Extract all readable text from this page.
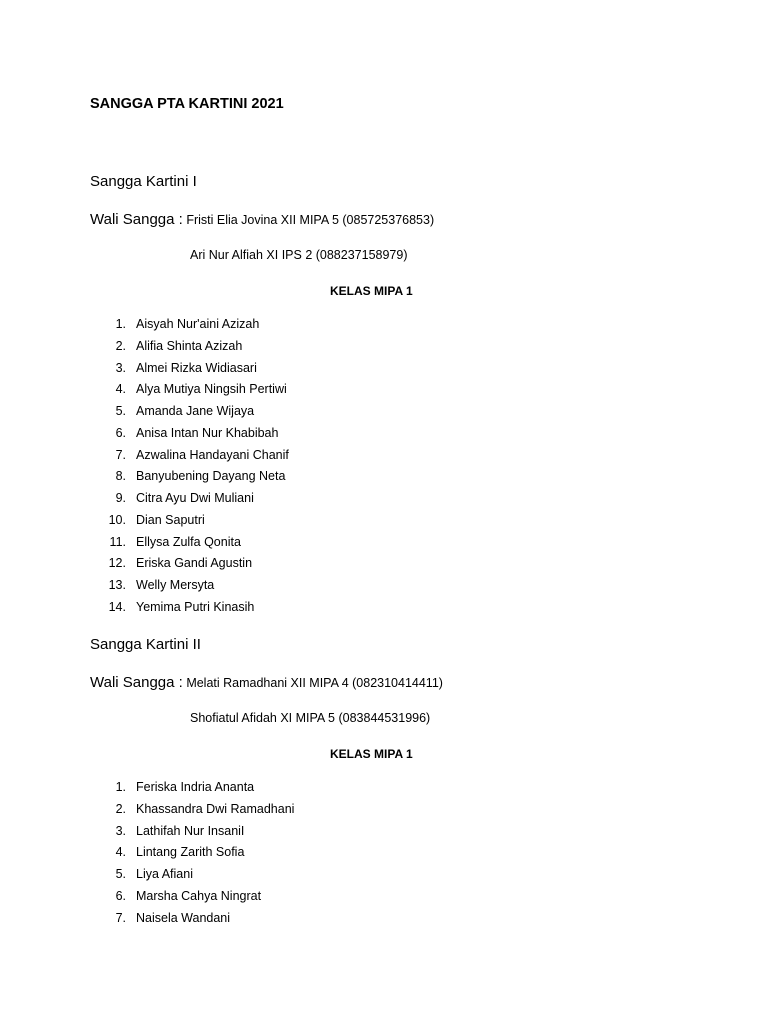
SANGGA PTA KARTINI 2021
Sangga Kartini I
Wali Sangga : Fristi Elia Jovina XII MIPA 5 (085725376853)
Ari Nur Alfiah XI IPS 2 (088237158979)
KELAS MIPA 1
1. Aisyah Nur'aini Azizah
2. Alifia Shinta Azizah
3. Almei Rizka Widiasari
4. Alya Mutiya Ningsih Pertiwi
5. Amanda Jane Wijaya
6. Anisa Intan Nur Khabibah
7. Azwalina Handayani Chanif
8. Banyubening Dayang Neta
9. Citra Ayu Dwi Muliani
10. Dian Saputri
11. Ellysa Zulfa Qonita
12. Eriska Gandi Agustin
13. Welly Mersyta
14. Yemima Putri Kinasih
Sangga Kartini II
Wali Sangga : Melati Ramadhani XII MIPA 4 (082310414411)
Shofiatul Afidah XI MIPA 5 (083844531996)
KELAS MIPA 1
1. Feriska Indria Ananta
2. Khassandra Dwi Ramadhani
3. Lathifah Nur InsaniI
4. Lintang Zarith Sofia
5. Liya Afiani
6. Marsha Cahya Ningrat
7. Naisela Wandani
